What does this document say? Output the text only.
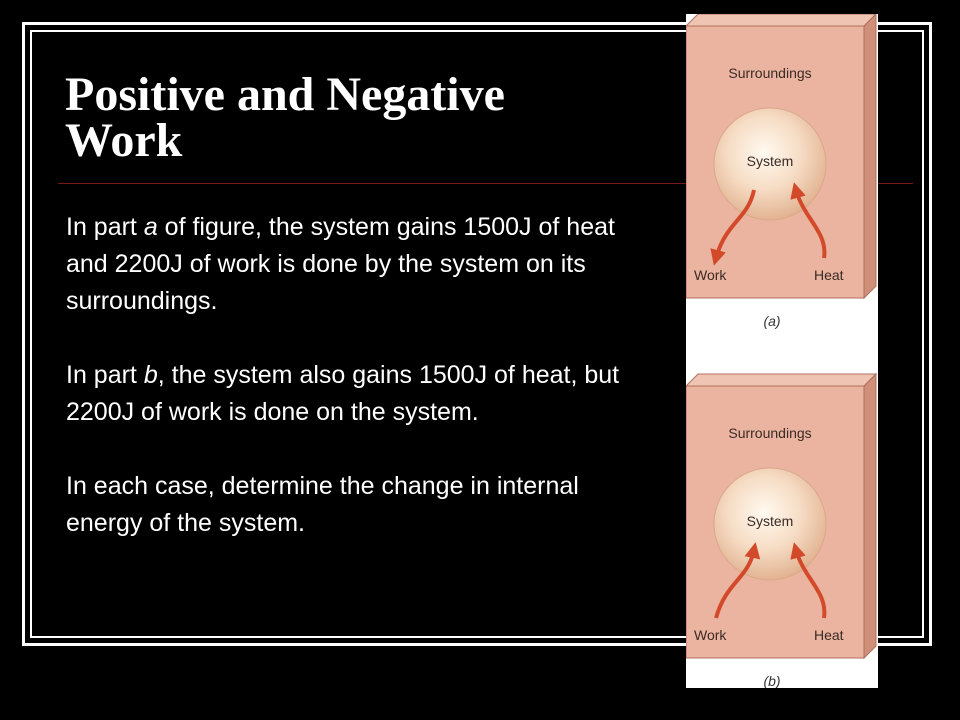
Positive and Negative Work

In part a of figure, the system gains 1500J of heat and 2200J of work is done by the system on its surroundings.

In part b, the system also gains 1500J of heat, but 2200J of work is done on the system.

In each case, determine the change in internal energy of the system.

Surroundings
System
Work	Heat
(a)
Surroundings
System
Work	Heat
(b)
